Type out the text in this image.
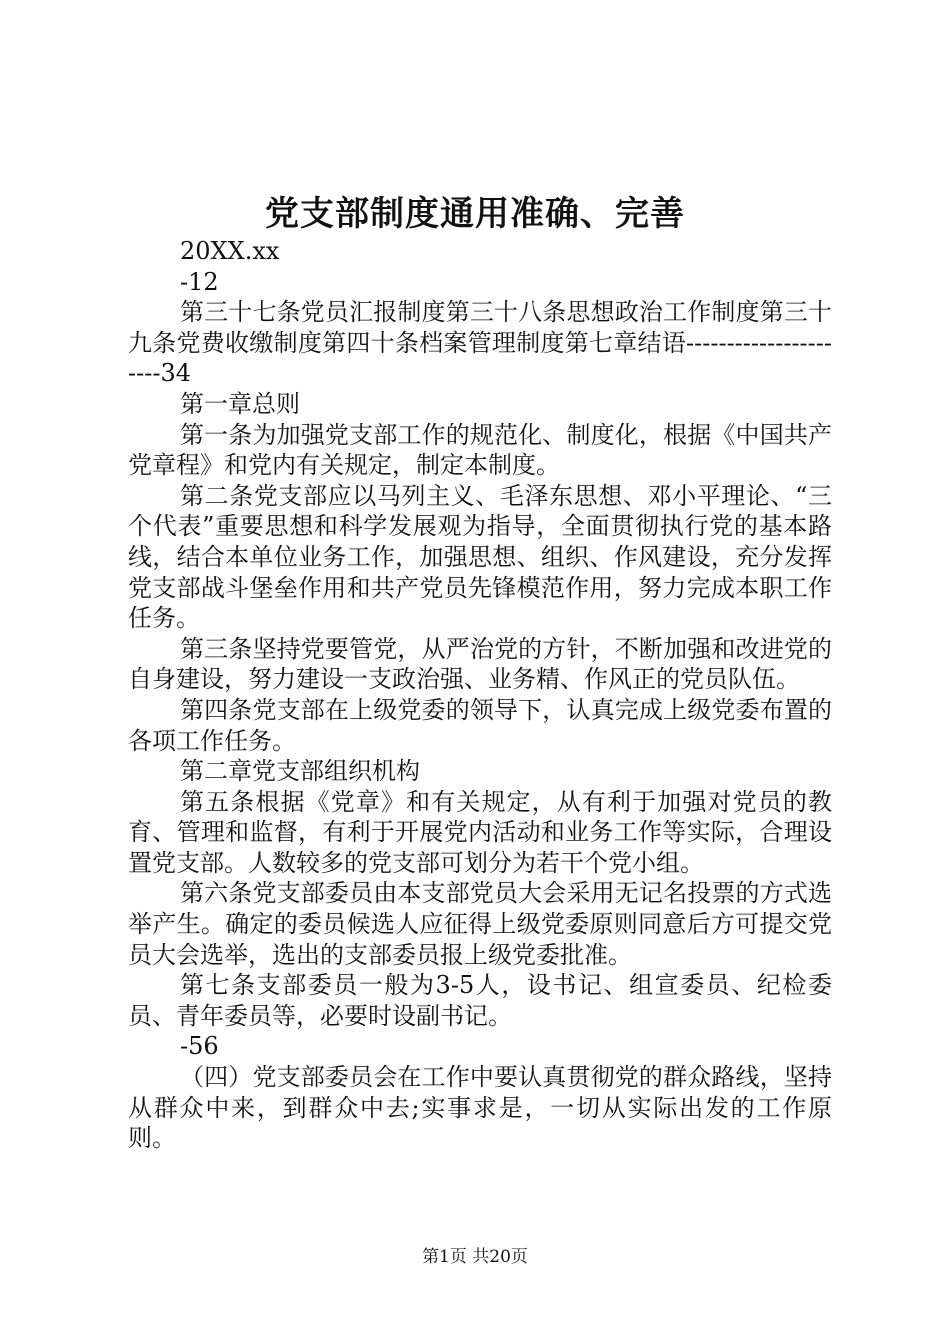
党支部制度通用准确、完善

20XX.xx

-12

第三十七条党员汇报制度第三十八条思想政治工作制度第三十九条党费收缴制度第四十条档案管理制度第七章结语----------------------34

第一章总则

第一条为加强党支部工作的规范化、制度化，根据《中国共产党章程》和党内有关规定，制定本制度。

第二条党支部应以马列主义、毛泽东思想、邓小平理论、“三个代表”重要思想和科学发展观为指导，全面贯彻执行党的基本路线，结合本单位业务工作，加强思想、组织、作风建设，充分发挥党支部战斗堡垒作用和共产党员先锋模范作用，努力完成本职工作任务。

第三条坚持党要管党，从严治党的方针，不断加强和改进党的自身建设，努力建设一支政治强、业务精、作风正的党员队伍。

第四条党支部在上级党委的领导下，认真完成上级党委布置的各项工作任务。

第二章党支部组织机构

第五条根据《党章》和有关规定，从有利于加强对党员的教育、管理和监督，有利于开展党内活动和业务工作等实际，合理设置党支部。人数较多的党支部可划分为若干个党小组。

第六条党支部委员由本支部党员大会采用无记名投票的方式选举产生。确定的委员候选人应征得上级党委原则同意后方可提交党员大会选举，选出的支部委员报上级党委批准。

第七条支部委员一般为3-5人，设书记、组宣委员、纪检委员、青年委员等，必要时设副书记。

-56

（四）党支部委员会在工作中要认真贯彻党的群众路线，坚持从群众中来，到群众中去;实事求是，一切从实际出发的工作原则。

第1页 共20页
